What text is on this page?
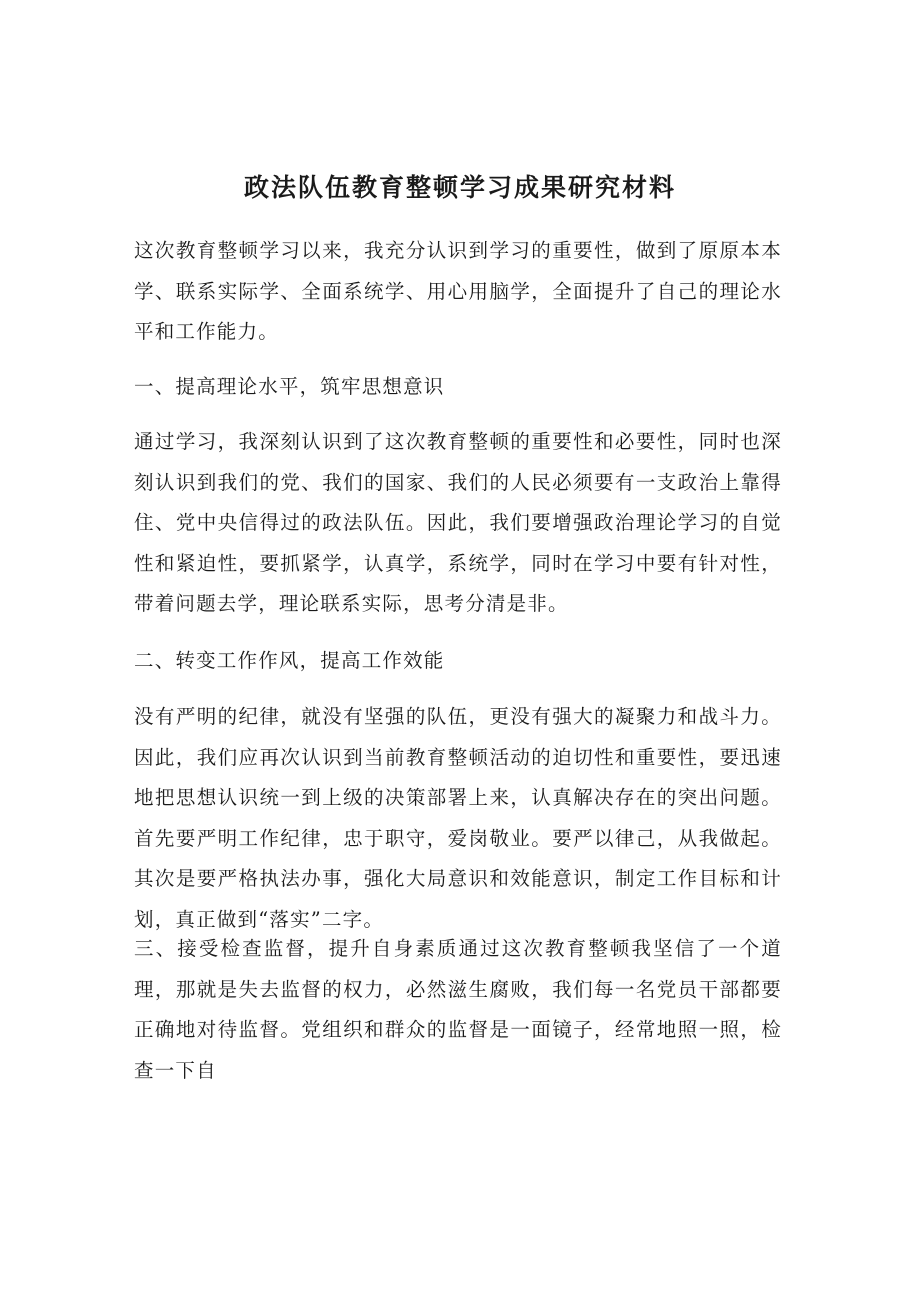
政法队伍教育整顿学习成果研究材料
这次教育整顿学习以来，我充分认识到学习的重要性，做到了原原本本学、联系实际学、全面系统学、用心用脑学，全面提升了自己的理论水平和工作能力。
一、提高理论水平，筑牢思想意识
通过学习，我深刻认识到了这次教育整顿的重要性和必要性，同时也深刻认识到我们的党、我们的国家、我们的人民必须要有一支政治上靠得住、党中央信得过的政法队伍。因此，我们要增强政治理论学习的自觉性和紧迫性，要抓紧学，认真学，系统学，同时在学习中要有针对性，带着问题去学，理论联系实际，思考分清是非。
二、转变工作作风，提高工作效能
没有严明的纪律，就没有坚强的队伍，更没有强大的凝聚力和战斗力。因此，我们应再次认识到当前教育整顿活动的迫切性和重要性，要迅速地把思想认识统一到上级的决策部署上来，认真解决存在的突出问题。首先要严明工作纪律，忠于职守，爱岗敬业。要严以律己，从我做起。其次是要严格执法办事，强化大局意识和效能意识，制定工作目标和计划，真正做到“落实”二字。
三、接受检查监督，提升自身素质通过这次教育整顿我坚信了一个道理，那就是失去监督的权力，必然滋生腐败，我们每一名党员干部都要正确地对待监督。党组织和群众的监督是一面镜子，经常地照一照，检查一下自
